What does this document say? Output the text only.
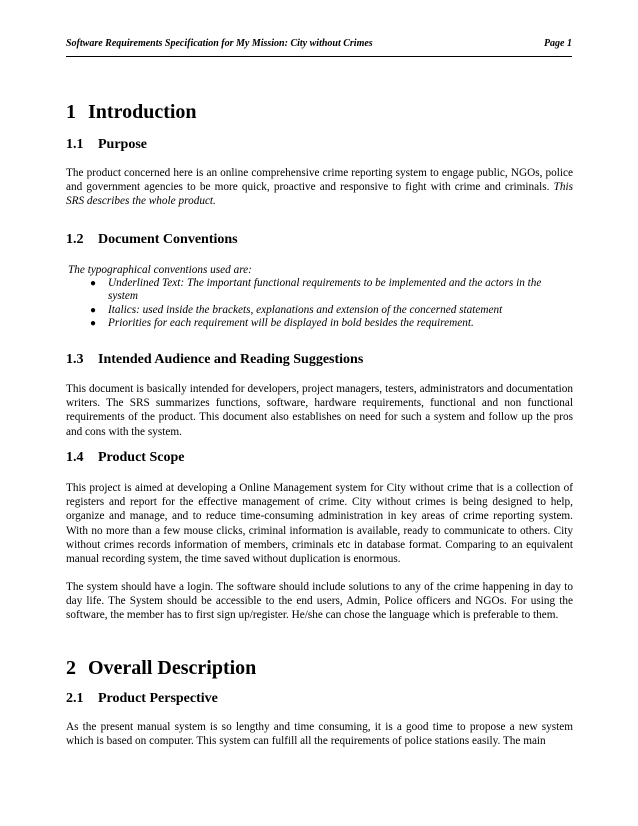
Software Requirements Specification for My Mission: City without Crimes	Page 1
1 Introduction
1.1 Purpose

The product concerned here is an online comprehensive crime reporting system to engage public, NGOs, police and government agencies to be more quick, proactive and responsive to fight with crime and criminals. This SRS describes the whole product.

1.2 Document Conventions
The typographical conventions used are:
● Underlined Text: The important functional requirements to be implemented and the actors in the system
● Italics: used inside the brackets, explanations and extension of the concerned statement
● Priorities for each requirement will be displayed in bold besides the requirement.
1.3 Intended Audience and Reading Suggestions

This document is basically intended for developers, project managers, testers, administrators and documentation writers. The SRS summarizes functions, software, hardware requirements, functional and non functional requirements of the product. This document also establishes on need for such a system and follow up the pros and cons with the system.

1.4 Product Scope

This project is aimed at developing a Online Management system for City without crime that is a collection of registers and report for the effective management of crime. City without crimes is being designed to help, organize and manage, and to reduce time-consuming administration in key areas of crime reporting system. With no more than a few mouse clicks, criminal information is available, ready to communicate to others. City without crimes records information of members, criminals etc in database format. Comparing to an equivalent manual recording system, the time saved without duplication is enormous.

The system should have a login. The software should include solutions to any of the crime happening in day to day life. The System should be accessible to the end users, Admin, Police officers and NGOs. For using the software, the member has to first sign up/register. He/she can chose the language which is preferable to them.

2 Overall Description
2.1 Product Perspective

As the present manual system is so lengthy and time consuming, it is a good time to propose a new system which is based on computer. This system can fulfill all the requirements of police stations easily. The main
